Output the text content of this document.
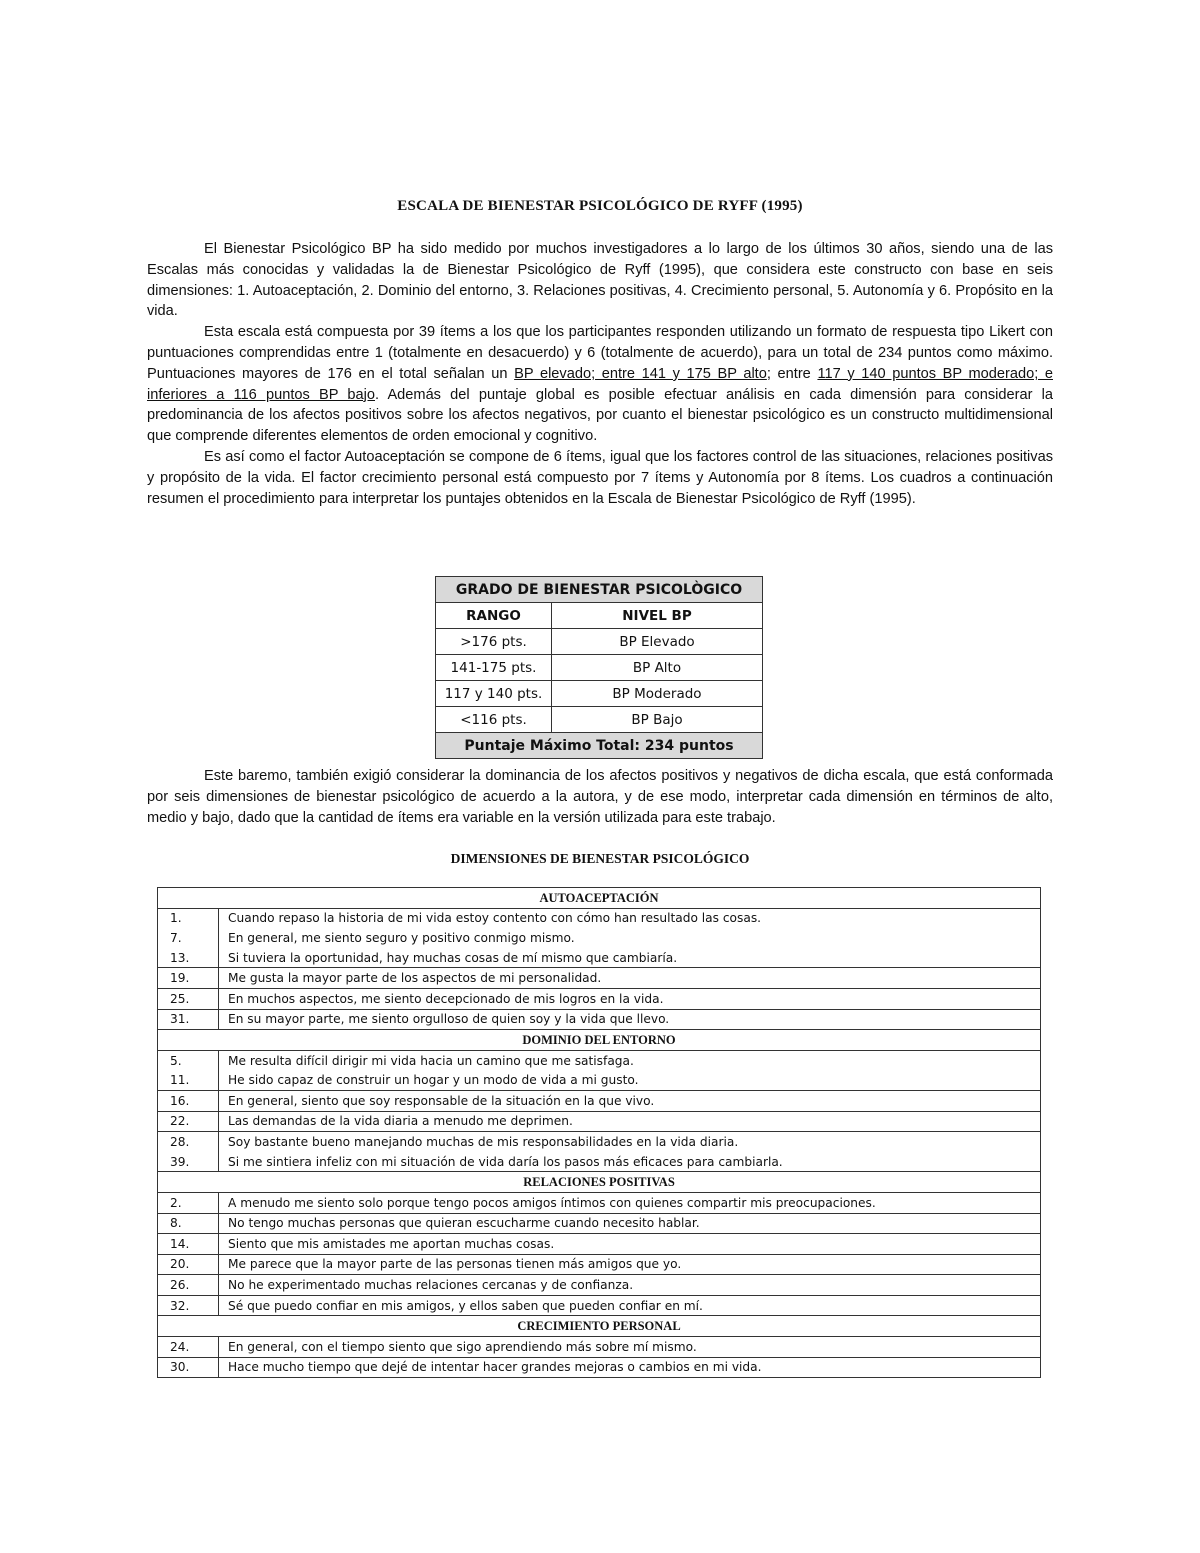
ESCALA DE BIENESTAR PSICOLÓGICO DE RYFF (1995)

El Bienestar Psicológico BP ha sido medido por muchos investigadores a lo largo de los últimos 30 años, siendo una de las Escalas más conocidas y validadas la de Bienestar Psicológico de Ryff (1995), que considera este constructo con base en seis dimensiones: 1. Autoaceptación, 2. Dominio del entorno, 3. Relaciones positivas, 4. Crecimiento personal, 5. Autonomía y 6. Propósito en la vida.

Esta escala está compuesta por 39 ítems a los que los participantes responden utilizando un formato de respuesta tipo Likert con puntuaciones comprendidas entre 1 (totalmente en desacuerdo) y 6 (totalmente de acuerdo), para un total de 234 puntos como máximo. Puntuaciones mayores de 176 en el total señalan un BP elevado; entre 141 y 175 BP alto; entre 117 y 140 puntos BP moderado; e inferiores a 116 puntos BP bajo. Además del puntaje global es posible efectuar análisis en cada dimensión para considerar la predominancia de los afectos positivos sobre los afectos negativos, por cuanto el bienestar psicológico es un constructo multidimensional que comprende diferentes elementos de orden emocional y cognitivo.

Es así como el factor Autoaceptación se compone de 6 ítems, igual que los factores control de las situaciones, relaciones positivas y propósito de la vida. El factor crecimiento personal está compuesto por 7 ítems y Autonomía por 8 ítems. Los cuadros a continuación resumen el procedimiento para interpretar los puntajes obtenidos en la Escala de Bienestar Psicológico de Ryff (1995).

GRADO DE BIENESTAR PSICOLÒGICO	
RANGO	NIVEL BP
>176 pts.	BP Elevado
141-175 pts.	BP Alto
117 y 140 pts.	BP Moderado
<116 pts.	BP Bajo
Puntaje Máximo Total: 234 puntos	

Este baremo, también exigió considerar la dominancia de los afectos positivos y negativos de dicha escala, que está conformada por seis dimensiones de bienestar psicológico de acuerdo a la autora, y de ese modo, interpretar cada dimensión en términos de alto, medio y bajo, dado que la cantidad de ítems era variable en la versión utilizada para este trabajo.

DIMENSIONES DE BIENESTAR PSICOLÓGICO
AUTOACEPTACIÓN	
1.	Cuando repaso la historia de mi vida estoy contento con cómo han resultado las cosas.
7.	En general, me siento seguro y positivo conmigo mismo.
13.	Si tuviera la oportunidad, hay muchas cosas de mí mismo que cambiaría.
19.	Me gusta la mayor parte de los aspectos de mi personalidad.
25.	En muchos aspectos, me siento decepcionado de mis logros en la vida.
31.	En su mayor parte, me siento orgulloso de quien soy y la vida que llevo.
DOMINIO DEL ENTORNO	
5.	Me resulta difícil dirigir mi vida hacia un camino que me satisfaga.
11.	He sido capaz de construir un hogar y un modo de vida a mi gusto.
16.	En general, siento que soy responsable de la situación en la que vivo.
22.	Las demandas de la vida diaria a menudo me deprimen.
28.	Soy bastante bueno manejando muchas de mis responsabilidades en la vida diaria.
39.	Si me sintiera infeliz con mi situación de vida daría los pasos más eficaces para cambiarla.
RELACIONES POSITIVAS	
2.	A menudo me siento solo porque tengo pocos amigos íntimos con quienes compartir mis preocupaciones.
8.	No tengo muchas personas que quieran escucharme cuando necesito hablar.
14.	Siento que mis amistades me aportan muchas cosas.
20.	Me parece que la mayor parte de las personas tienen más amigos que yo.
26.	No he experimentado muchas relaciones cercanas y de confianza.
32.	Sé que puedo confiar en mis amigos, y ellos saben que pueden confiar en mí.
CRECIMIENTO PERSONAL	
24.	En general, con el tiempo siento que sigo aprendiendo más sobre mí mismo.
30.	Hace mucho tiempo que dejé de intentar hacer grandes mejoras o cambios en mi vida.
